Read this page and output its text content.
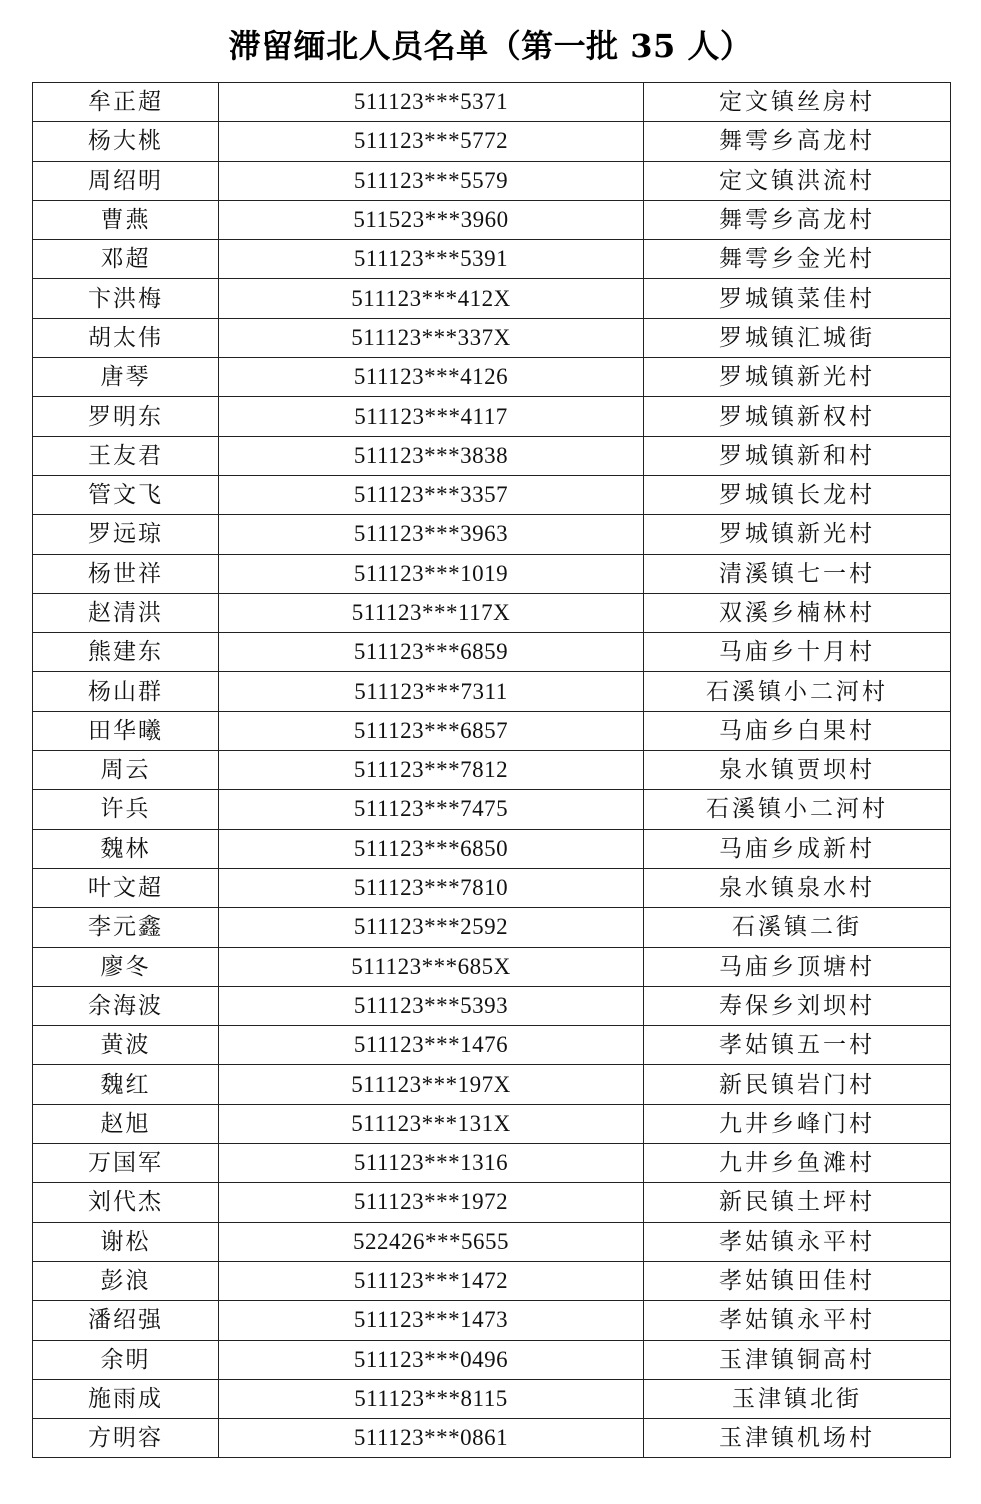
滞留缅北人员名单（第一批 35 人）
牟正超	511123***5371	定文镇丝房村
杨大桃	511123***5772	舞雩乡高龙村
周绍明	511123***5579	定文镇洪流村
曹燕	511523***3960	舞雩乡高龙村
邓超	511123***5391	舞雩乡金光村
卞洪梅	511123***412X	罗城镇菜佳村
胡太伟	511123***337X	罗城镇汇城街
唐琴	511123***4126	罗城镇新光村
罗明东	511123***4117	罗城镇新权村
王友君	511123***3838	罗城镇新和村
管文飞	511123***3357	罗城镇长龙村
罗远琼	511123***3963	罗城镇新光村
杨世祥	511123***1019	清溪镇七一村
赵清洪	511123***117X	双溪乡楠林村
熊建东	511123***6859	马庙乡十月村
杨山群	511123***7311	石溪镇小二河村
田华曦	511123***6857	马庙乡白果村
周云	511123***7812	泉水镇贾坝村
许兵	511123***7475	石溪镇小二河村
魏林	511123***6850	马庙乡成新村
叶文超	511123***7810	泉水镇泉水村
李元鑫	511123***2592	石溪镇二街
廖冬	511123***685X	马庙乡顶塘村
余海波	511123***5393	寿保乡刘坝村
黄波	511123***1476	孝姑镇五一村
魏红	511123***197X	新民镇岩门村
赵旭	511123***131X	九井乡峰门村
万国军	511123***1316	九井乡鱼滩村
刘代杰	511123***1972	新民镇土坪村
谢松	522426***5655	孝姑镇永平村
彭浪	511123***1472	孝姑镇田佳村
潘绍强	511123***1473	孝姑镇永平村
余明	511123***0496	玉津镇铜高村
施雨成	511123***8115	玉津镇北街
方明容	511123***0861	玉津镇机场村
